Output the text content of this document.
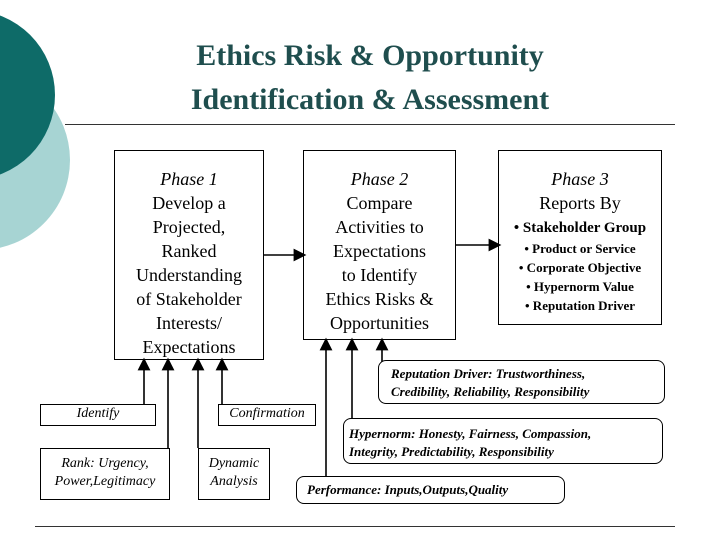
Ethics Risk & Opportunity
Identification & Assessment
Phase 1
Develop a
Projected,
Ranked
Understanding
of Stakeholder
Interests/
Expectations
Phase 2
Compare
Activities to
Expectations
to Identify
Ethics Risks &
Opportunities
Phase 3
Reports By
• Stakeholder Group
• Product or Service
• Corporate Objective
• Hypernorm Value
• Reputation Driver
Identify	Confirmation
Rank: Urgency,
Power,Legitimacy
Dynamic
Analysis
Reputation Driver: Trustworthiness,
Credibility, Reliability, Responsibility
Hypernorm: Honesty, Fairness, Compassion,
Integrity, Predictability, Responsibility
Performance: Inputs,Outputs,Quality
